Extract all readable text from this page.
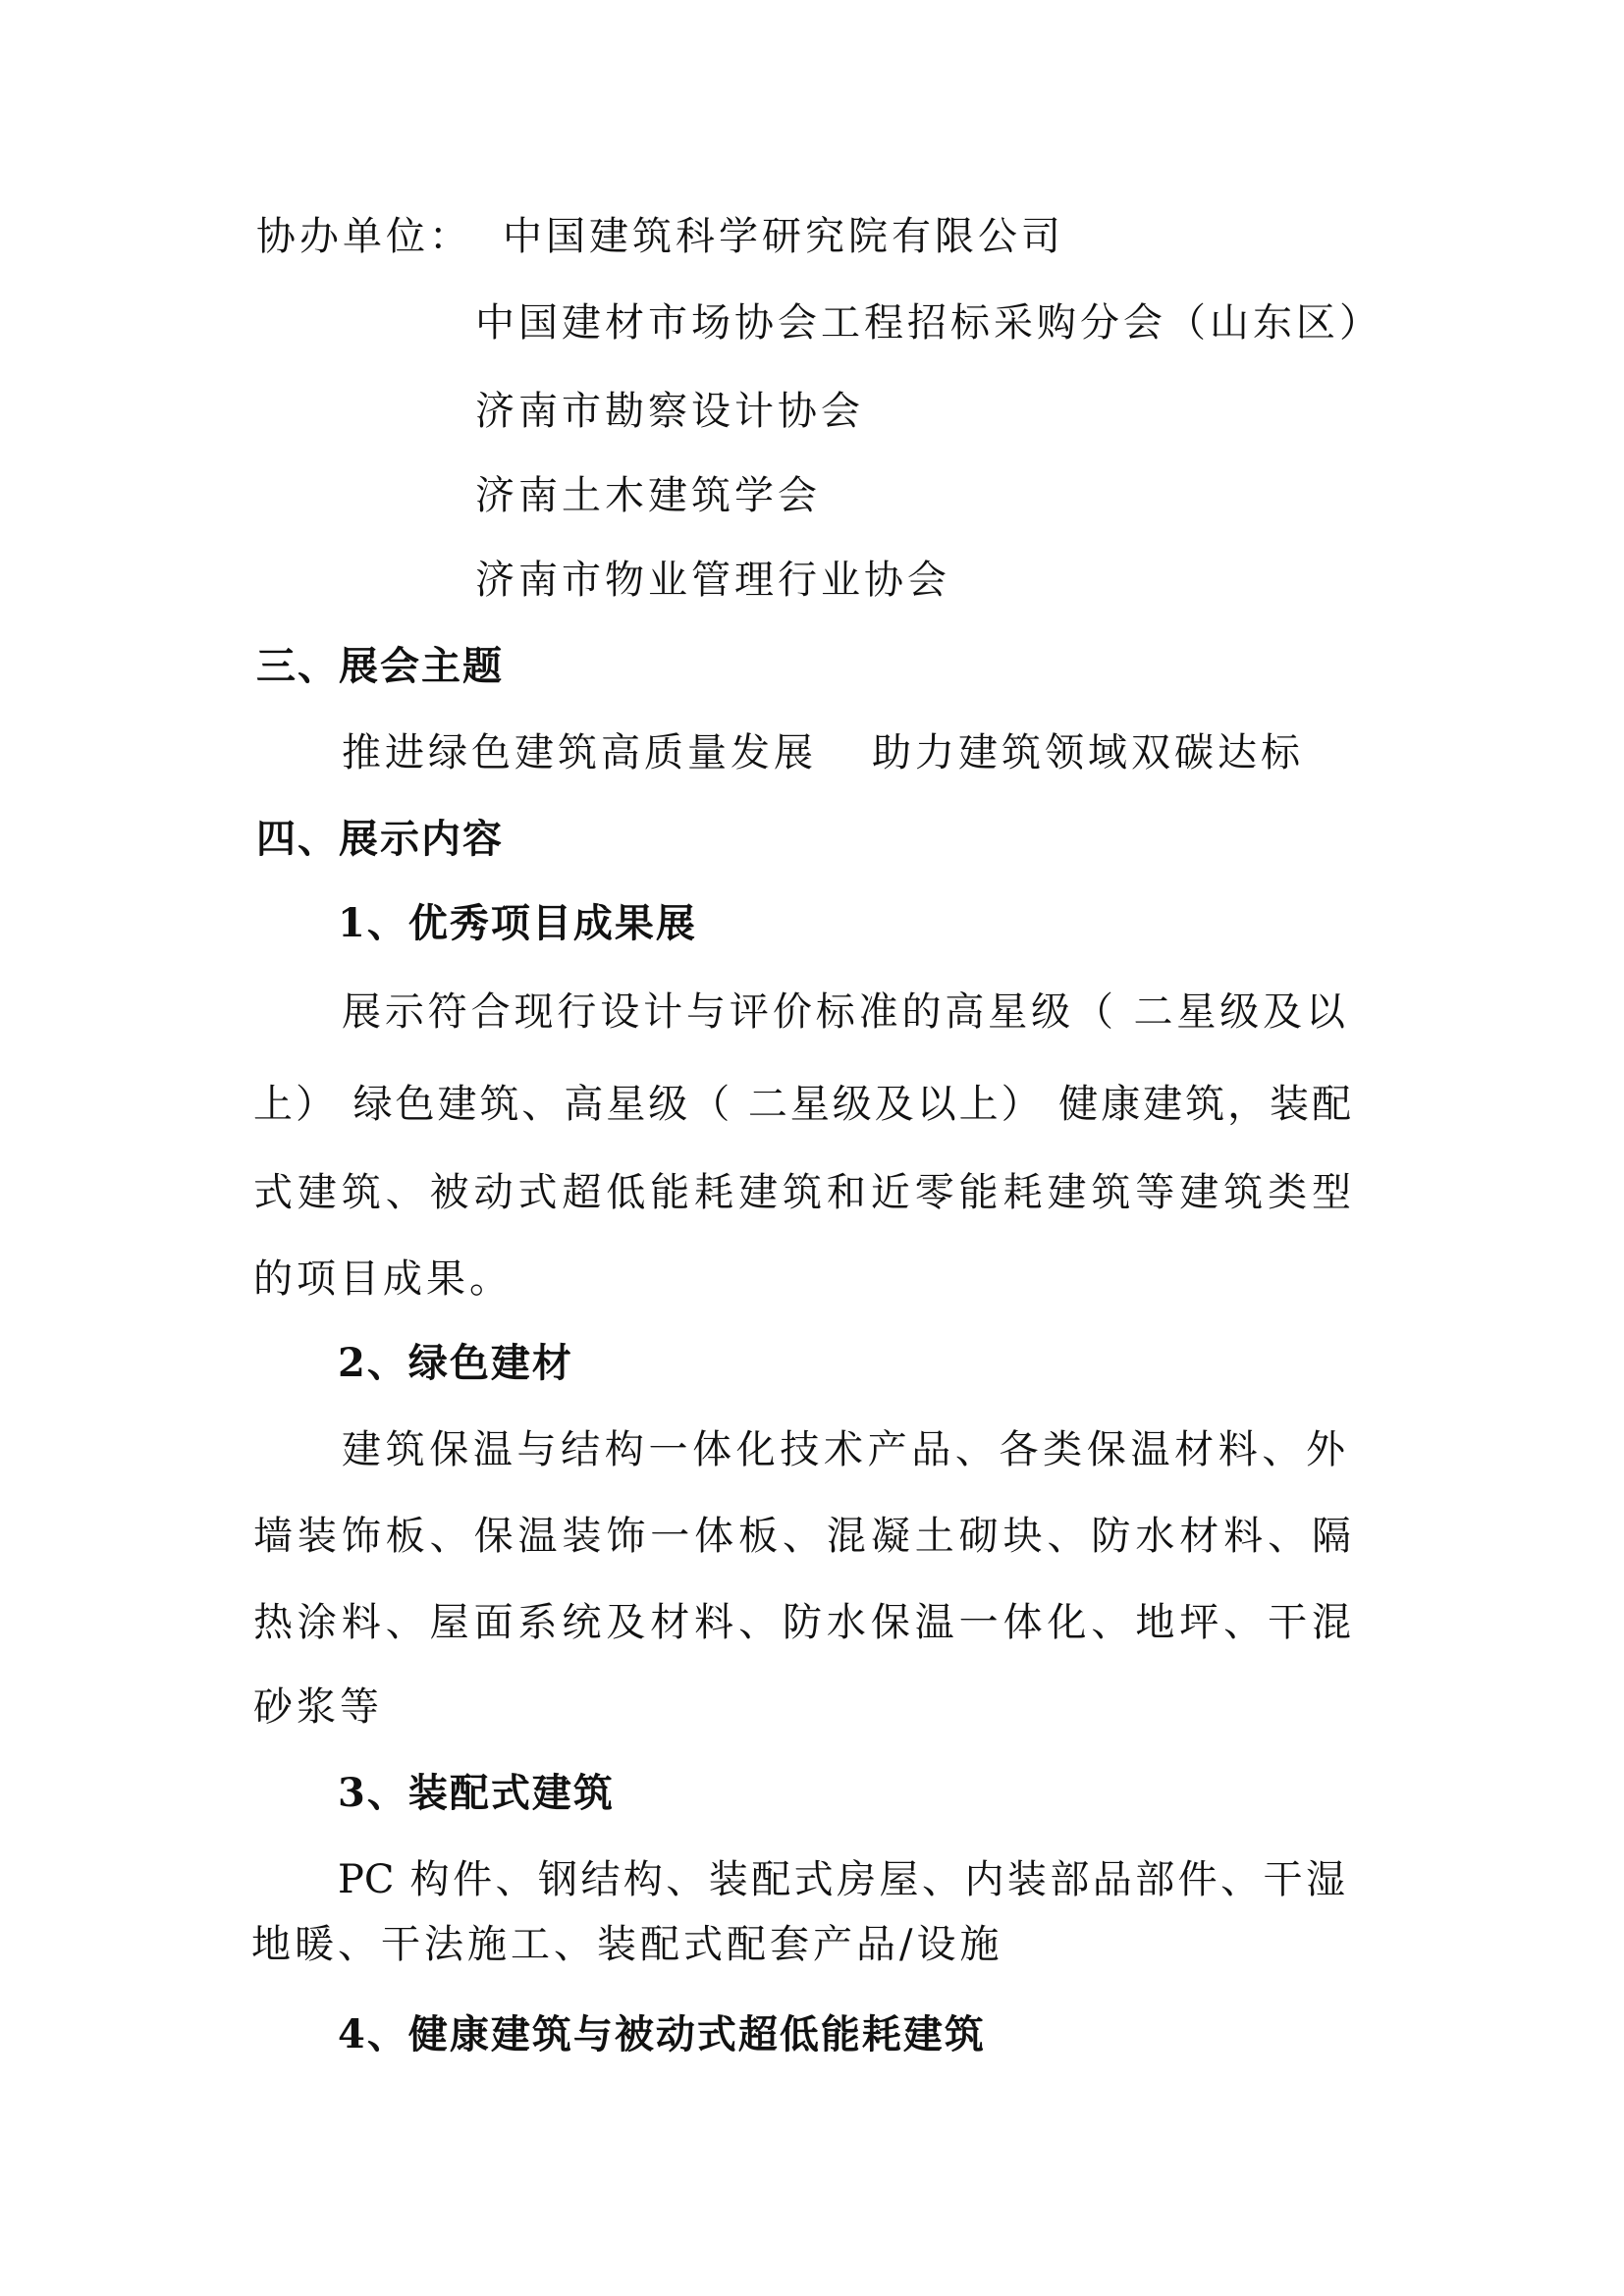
协办单位： 中国建筑科学研究院有限公司
中国建材市场协会工程招标采购分会（山东区）
济南市勘察设计协会
济南土木建筑学会
济南市物业管理行业协会
三、展会主题
推进绿色建筑高质量发展 助力建筑领域双碳达标
四、展示内容
1、优秀项目成果展
展示符合现行设计与评价标准的高星级（ 二星级及以
上） 绿色建筑、高星级（ 二星级及以上） 健康建筑，装配
式建筑、被动式超低能耗建筑和近零能耗建筑等建筑类型
的项目成果。
2、绿色建材
建筑保温与结构一体化技术产品、各类保温材料、外
墙装饰板、保温装饰一体板、混凝土砌块、防水材料、隔
热涂料、屋面系统及材料、防水保温一体化、地坪、干混
砂浆等
3、装配式建筑
PC 构件、钢结构、装配式房屋、内装部品部件、干湿
地暖、干法施工、装配式配套产品/设施
4、健康建筑与被动式超低能耗建筑
